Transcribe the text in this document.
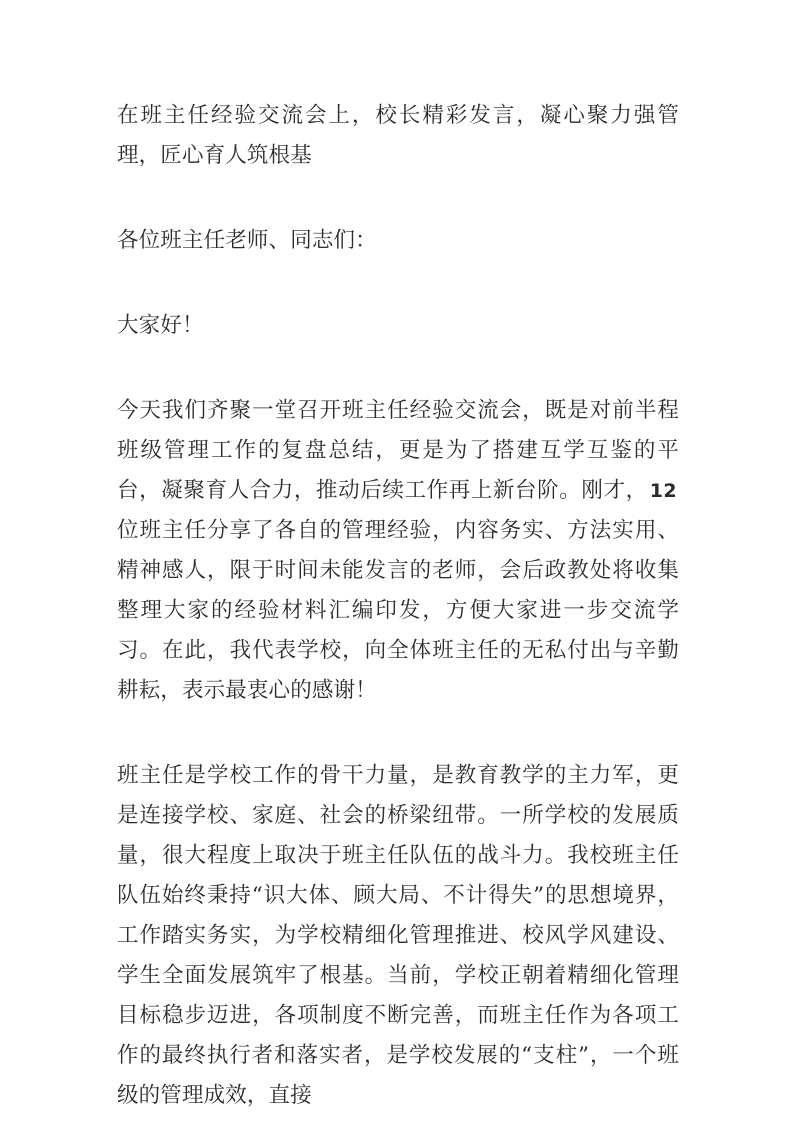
在班主任经验交流会上，校长精彩发言，凝心聚力强管理，匠心育人筑根基

各位班主任老师、同志们：

大家好！

今天我们齐聚一堂召开班主任经验交流会，既是对前半程班级管理工作的复盘总结，更是为了搭建互学互鉴的平台，凝聚育人合力，推动后续工作再上新台阶。刚才， 12位班主任分享了各自的管理经验，内容务实、方法实用、精神感人，限于时间未能发言的老师，会后政教处将收集整理大家的经验材料汇编印发，方便大家进一步交流学习。在此，我代表学校，向全体班主任的无私付出与辛勤耕耘，表示最衷心的感谢！

班主任是学校工作的骨干力量，是教育教学的主力军，更是连接学校、家庭、社会的桥梁纽带。一所学校的发展质量，很大程度上取决于班主任队伍的战斗力。我校班主任队伍始终秉持“识大体、顾大局、不计得失”的思想境界，工作踏实务实，为学校精细化管理推进、校风学风建设、学生全面发展筑牢了根基。当前，学校正朝着精细化管理目标稳步迈进，各项制度不断完善，而班主任作为各项工作的最终执行者和落实者，是学校发展的“支柱”，一个班级的管理成效，直接
